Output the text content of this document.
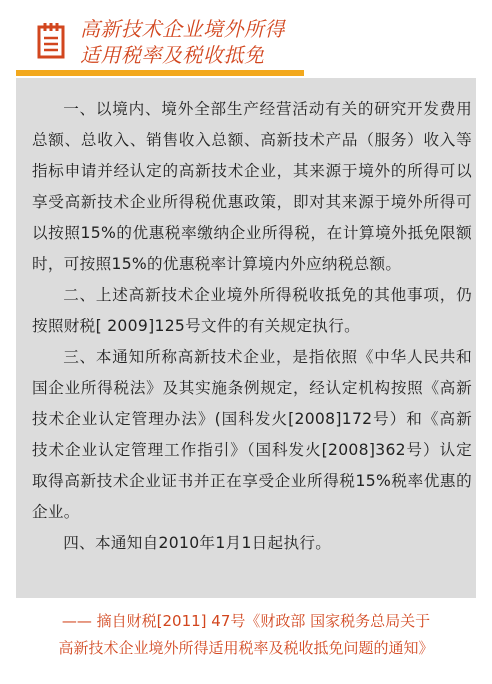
高新技术企业境外所得
适用税率及税收抵免

一、以境内、境外全部生产经营活动有关的研究开发费用总额、总收入、销售收入总额、高新技术产品（服务）收入等指标申请并经认定的高新技术企业，其来源于境外的所得可以享受高新技术企业所得税优惠政策，即对其来源于境外所得可以按照15%的优惠税率缴纳企业所得税，在计算境外抵免限额时，可按照15%的优惠税率计算境内外应纳税总额。

二、上述高新技术企业境外所得税收抵免的其他事项，仍按照财税[ 2009]125号文件的有关规定执行。

三、本通知所称高新技术企业，是指依照《中华人民共和国企业所得税法》及其实施条例规定，经认定机构按照《高新技术企业认定管理办法》(国科发火[2008]172号）和《高新技术企业认定管理工作指引》（国科发火[2008]362号）认定取得高新技术企业证书并正在享受企业所得税15%税率优惠的企业。

四、本通知自2010年1月1日起执行。

—— 摘自财税[2011] 47号《财政部 国家税务总局关于
高新技术企业境外所得适用税率及税收抵免问题的通知》
